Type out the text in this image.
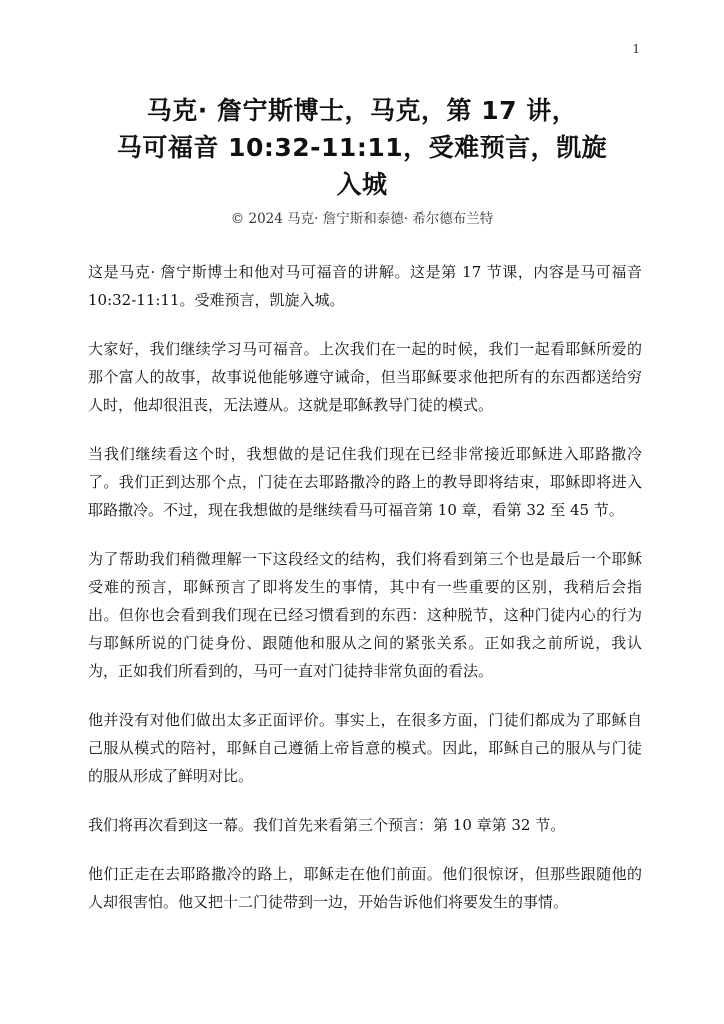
1
马克· 詹宁斯博士，马克，第 17 讲，
马可福音 10:32-11:11，受难预言，凯旋
入城
© 2024 马克· 詹宁斯和泰德· 希尔德布兰特

这是马克· 詹宁斯博士和他对马可福音的讲解。这是第 17 节课，内容是马可福音 10:32-11:11。受难预言，凯旋入城。

大家好，我们继续学习马可福音。上次我们在一起的时候，我们一起看耶稣所爱的那个富人的故事，故事说他能够遵守诫命，但当耶稣要求他把所有的东西都送给穷人时，他却很沮丧，无法遵从。这就是耶稣教导门徒的模式。

当我们继续看这个时，我想做的是记住我们现在已经非常接近耶稣进入耶路撒冷了。我们正到达那个点，门徒在去耶路撒冷的路上的教导即将结束，耶稣即将进入耶路撒冷。不过，现在我想做的是继续看马可福音第 10 章，看第 32 至 45 节。

为了帮助我们稍微理解一下这段经文的结构，我们将看到第三个也是最后一个耶稣受难的预言，耶稣预言了即将发生的事情，其中有一些重要的区别，我稍后会指出。但你也会看到我们现在已经习惯看到的东西：这种脱节，这种门徒内心的行为与耶稣所说的门徒身份、跟随他和服从之间的紧张关系。正如我之前所说，我认为，正如我们所看到的，马可一直对门徒持非常负面的看法。

他并没有对他们做出太多正面评价。事实上，在很多方面，门徒们都成为了耶稣自己服从模式的陪衬，耶稣自己遵循上帝旨意的模式。因此，耶稣自己的服从与门徒的服从形成了鲜明对比。

我们将再次看到这一幕。我们首先来看第三个预言：第 10 章第 32 节。

他们正走在去耶路撒冷的路上，耶稣走在他们前面。他们很惊讶，但那些跟随他的人却很害怕。他又把十二门徒带到一边，开始告诉他们将要发生的事情。
